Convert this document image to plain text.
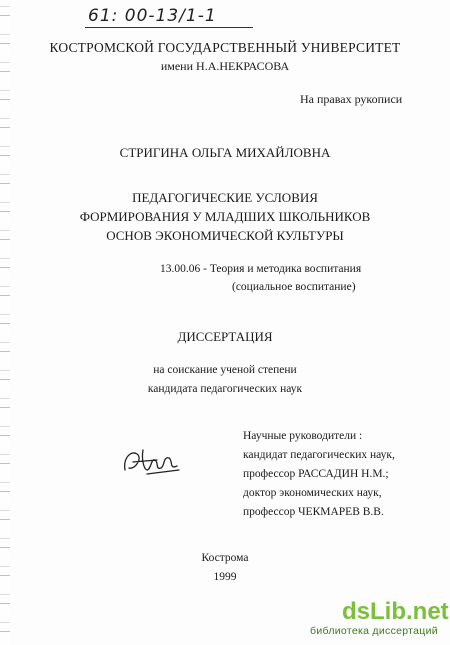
61: 00-13/1-1
КОСТРОМСКОЙ ГОСУДАРСТВЕННЫЙ УНИВЕРСИТЕТ
имени Н.А.НЕКРАСОВА
На правах рукописи
СТРИГИНА ОЛЬГА МИХАЙЛОВНА
ПЕДАГОГИЧЕСКИЕ УСЛОВИЯ
ФОРМИРОВАНИЯ У МЛАДШИХ ШКОЛЬНИКОВ
ОСНОВ ЭКОНОМИЧЕСКОЙ КУЛЬТУРЫ
13.00.06 - Теория и методика воспитания
(социальное воспитание)
ДИССЕРТАЦИЯ
на соискание ученой степени
кандидата педагогических наук
Научные руководители :
кандидат педагогических наук,
профессор РАССАДИН Н.М.;
доктор экономических наук,
профессор ЧЕКМАРЕВ В.В.
Кострома
1999
dsLib.net
библиотека диссертаций
